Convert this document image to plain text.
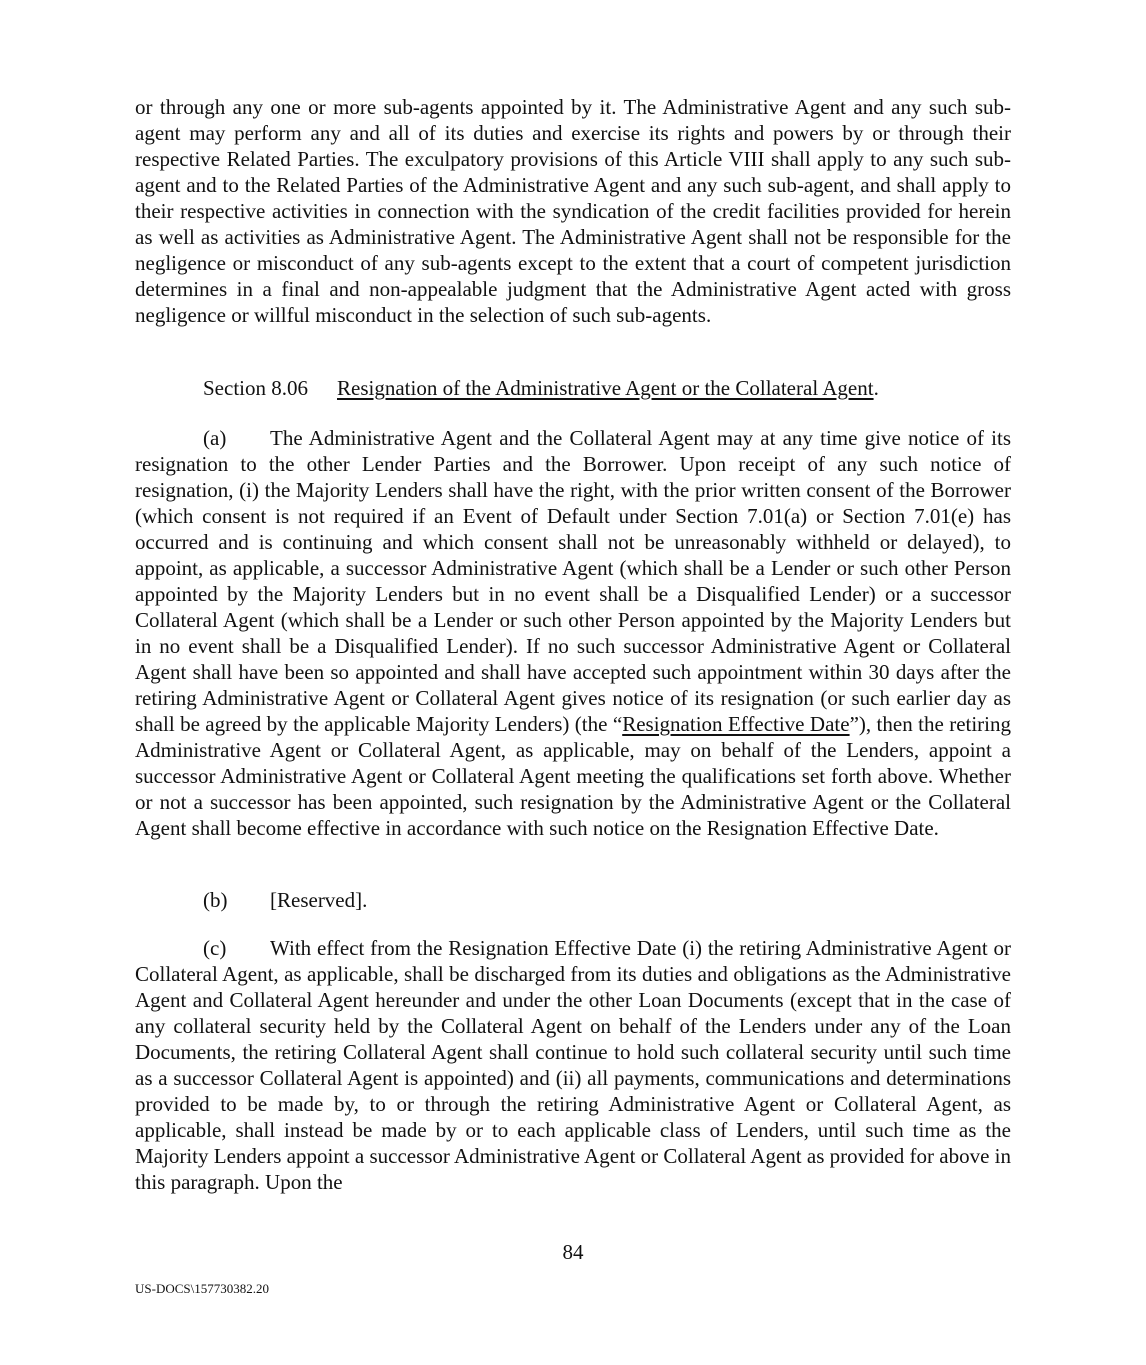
or through any one or more sub-agents appointed by it. The Administrative Agent and any such sub-agent may perform any and all of its duties and exercise its rights and powers by or through their respective Related Parties. The exculpatory provisions of this Article VIII shall apply to any such sub-agent and to the Related Parties of the Administrative Agent and any such sub-agent, and shall apply to their respective activities in connection with the syndication of the credit facilities provided for herein as well as activities as Administrative Agent. The Administrative Agent shall not be responsible for the negligence or misconduct of any sub-agents except to the extent that a court of competent jurisdiction determines in a final and non-appealable judgment that the Administrative Agent acted with gross negligence or willful misconduct in the selection of such sub-agents.

Section 8.06 Resignation of the Administrative Agent or the Collateral Agent.

(a) The Administrative Agent and the Collateral Agent may at any time give notice of its resignation to the other Lender Parties and the Borrower. Upon receipt of any such notice of resignation, (i) the Majority Lenders shall have the right, with the prior written consent of the Borrower (which consent is not required if an Event of Default under Section 7.01(a) or Section 7.01(e) has occurred and is continuing and which consent shall not be unreasonably withheld or delayed), to appoint, as applicable, a successor Administrative Agent (which shall be a Lender or such other Person appointed by the Majority Lenders but in no event shall be a Disqualified Lender) or a successor Collateral Agent (which shall be a Lender or such other Person appointed by the Majority Lenders but in no event shall be a Disqualified Lender). If no such successor Administrative Agent or Collateral Agent shall have been so appointed and shall have accepted such appointment within 30 days after the retiring Administrative Agent or Collateral Agent gives notice of its resignation (or such earlier day as shall be agreed by the applicable Majority Lenders) (the “Resignation Effective Date”), then the retiring Administrative Agent or Collateral Agent, as applicable, may on behalf of the Lenders, appoint a successor Administrative Agent or Collateral Agent meeting the qualifications set forth above. Whether or not a successor has been appointed, such resignation by the Administrative Agent or the Collateral Agent shall become effective in accordance with such notice on the Resignation Effective Date.

(b) [Reserved].

(c) With effect from the Resignation Effective Date (i) the retiring Administrative Agent or Collateral Agent, as applicable, shall be discharged from its duties and obligations as the Administrative Agent and Collateral Agent hereunder and under the other Loan Documents (except that in the case of any collateral security held by the Collateral Agent on behalf of the Lenders under any of the Loan Documents, the retiring Collateral Agent shall continue to hold such collateral security until such time as a successor Collateral Agent is appointed) and (ii) all payments, communications and determinations provided to be made by, to or through the retiring Administrative Agent or Collateral Agent, as applicable, shall instead be made by or to each applicable class of Lenders, until such time as the Majority Lenders appoint a successor Administrative Agent or Collateral Agent as provided for above in this paragraph. Upon the

84
US-DOCS\157730382.20
